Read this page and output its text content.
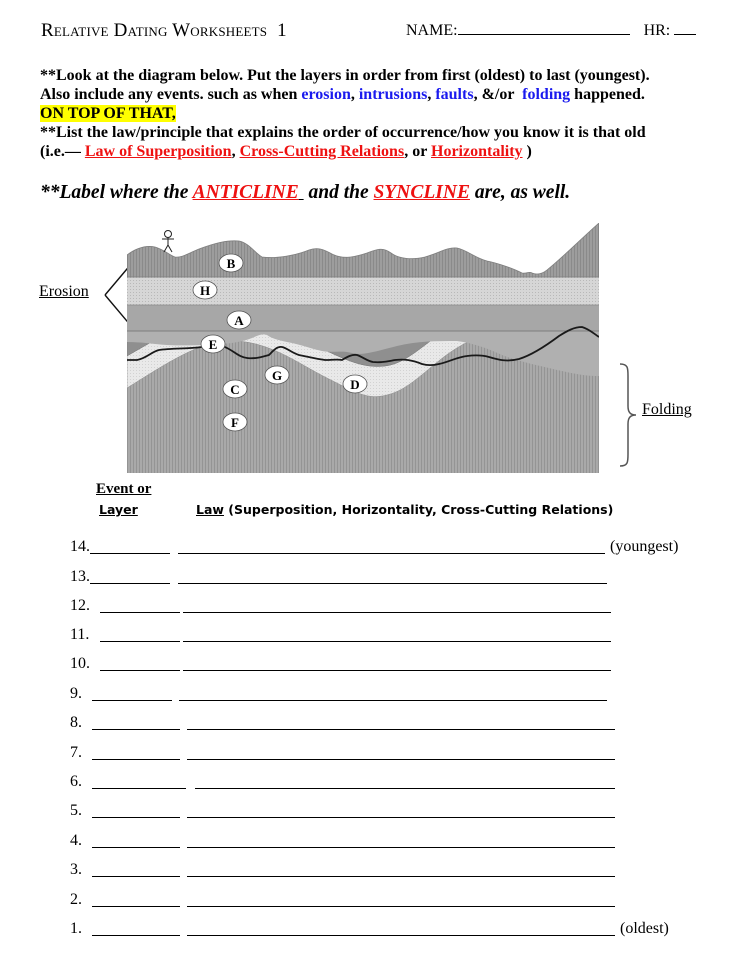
Relative Dating Worksheets 1	NAME:	HR:
**Look at the diagram below. Put the layers in order from first (oldest) to last (youngest).
Also include any events. such as when erosion, intrusions, faults, &/or  folding happened.
ON TOP OF THAT,
**List the law/principle that explains the order of occurrence/how you know it is that old
(i.e.— Law of Superposition, Cross-Cutting Relations, or Horizontality )
**Label where the ANTICLINE  and the SYNCLINE are, as well.
Erosion
Folding
B
H
A
E
G
D
C
F
Event or
Layer	Law (Superposition, Horizontality, Cross-Cutting Relations)
14.	(youngest)
13.
12.
11.
10.
9.
8.
7.
6.
5.
4.
3.
2.
1.	(oldest)
